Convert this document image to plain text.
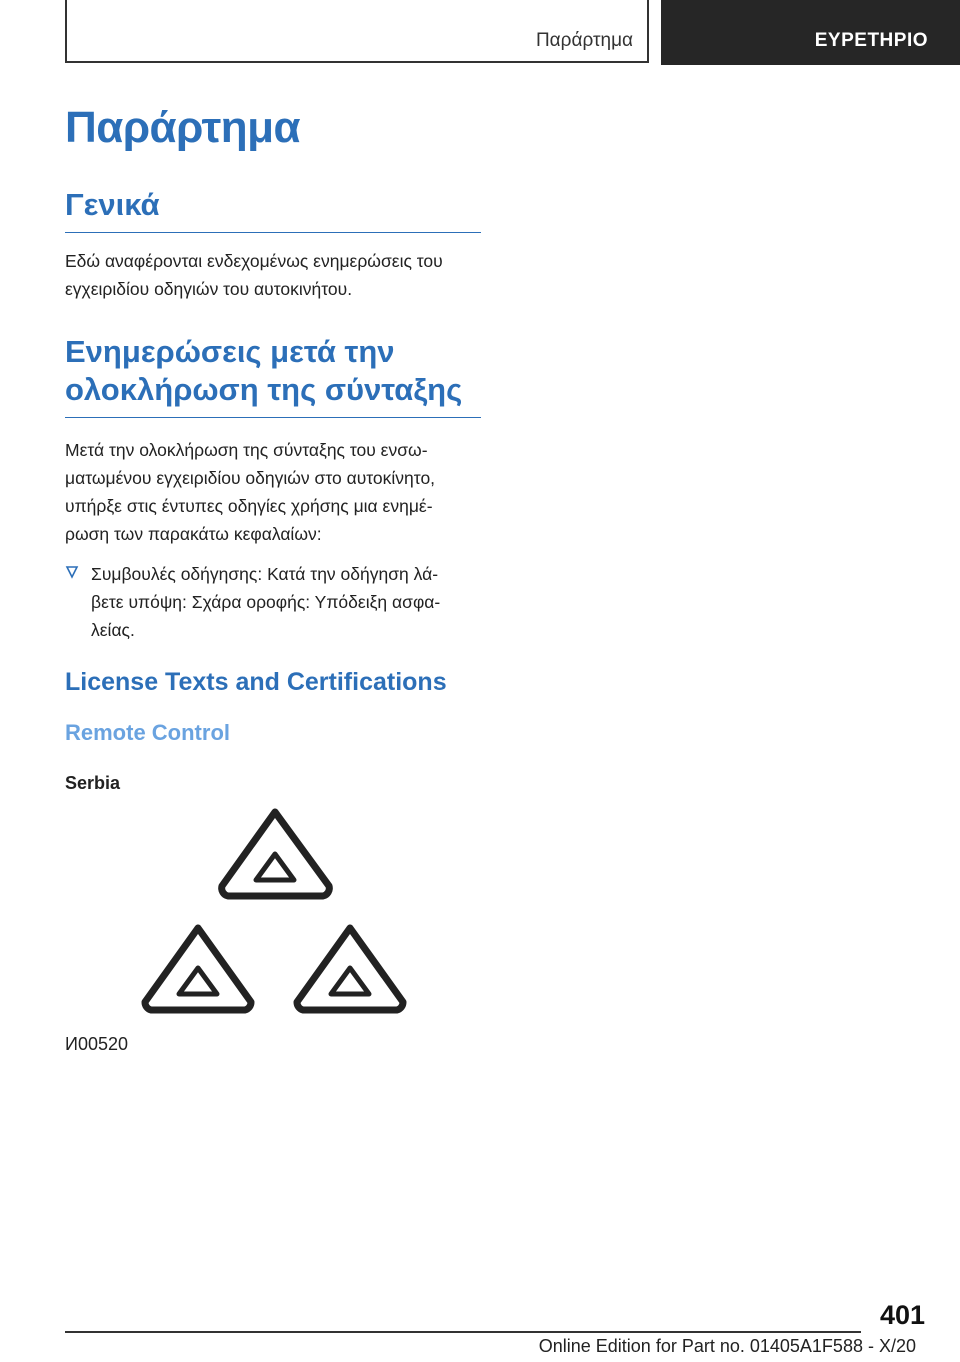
Παράρτημα	ΕΥΡΕΤΗΡΙΟ
Παράρτημα
Γενικά

Εδώ αναφέρονται ενδεχομένως ενημερώσεις του εγχειριδίου οδηγιών του αυτοκινήτου.

Ενημερώσεις μετά την
ολοκλήρωση της σύνταξης

Μετά την ολοκλήρωση της σύνταξης του ενσω-
ματωμένου εγχειριδίου οδηγιών στο αυτοκίνητο,
υπήρξε στις έντυπες οδηγίες χρήσης μια ενημέ-
ρωση των παρακάτω κεφαλαίων:

Συμβουλές οδήγησης: Κατά την οδήγηση λά-
βετε υπόψη: Σχάρα οροφής: Υπόδειξη ασφα-
λείας.
License Texts and Certifications
Remote Control
Serbia
И00520
401
Online Edition for Part no. 01405A1F588 - X/20
